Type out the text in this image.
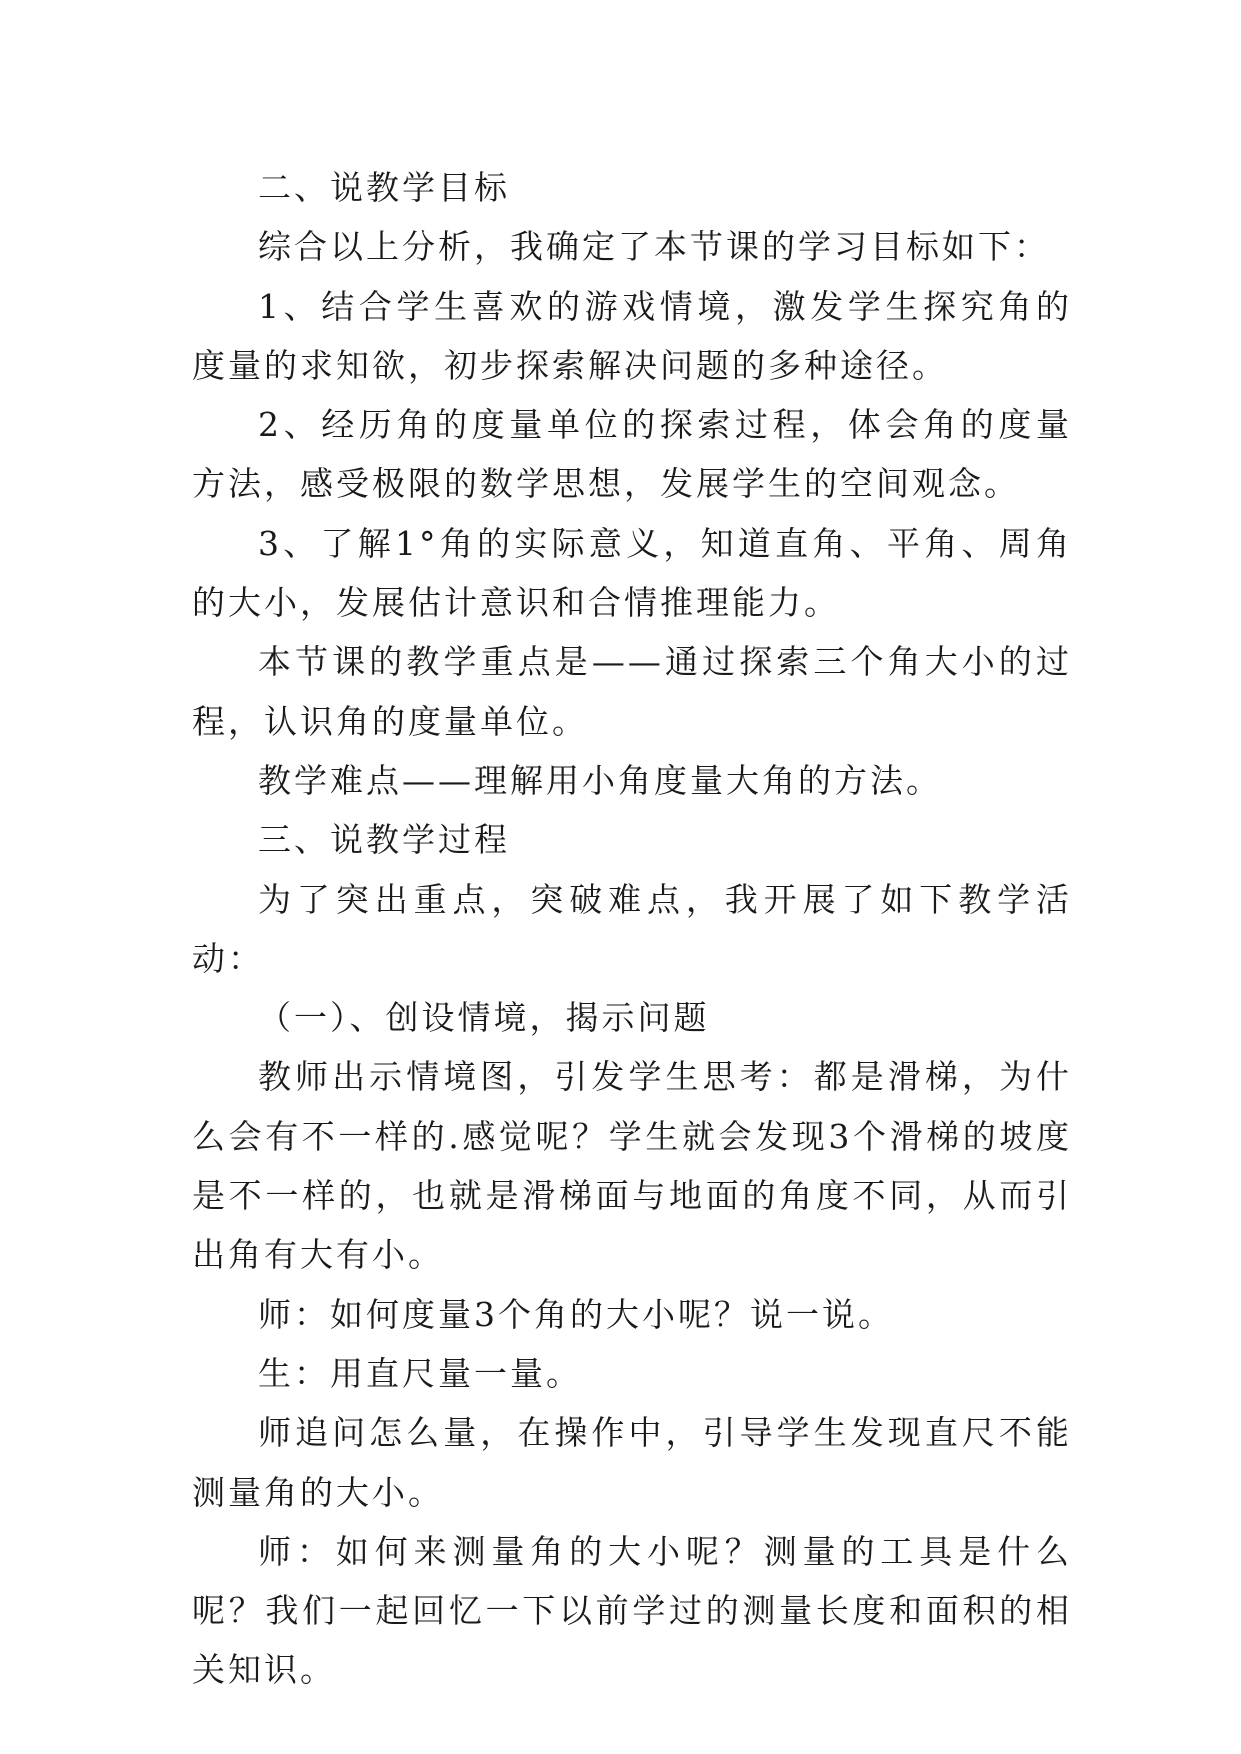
二、说教学目标

综合以上分析，我确定了本节课的学习目标如下：

1、结合学生喜欢的游戏情境，激发学生探究角的度量的求知欲，初步探索解决问题的多种途径。

2、经历角的度量单位的探索过程，体会角的度量方法，感受极限的数学思想，发展学生的空间观念。

3、了解1°角的实际意义，知道直角、平角、周角的大小，发展估计意识和合情推理能力。

本节课的教学重点是——通过探索三个角大小的过程，认识角的度量单位。

教学难点——理解用小角度量大角的方法。

三、说教学过程

为了突出重点，突破难点，我开展了如下教学活动：

（一）、创设情境，揭示问题

教师出示情境图，引发学生思考：都是滑梯，为什么会有不一样的.感觉呢？学生就会发现3个滑梯的坡度是不一样的，也就是滑梯面与地面的角度不同，从而引出角有大有小。

师：如何度量3个角的大小呢？说一说。

生：用直尺量一量。

师追问怎么量，在操作中，引导学生发现直尺不能测量角的大小。

师：如何来测量角的大小呢？测量的工具是什么呢？我们一起回忆一下以前学过的测量长度和面积的相关知识。
